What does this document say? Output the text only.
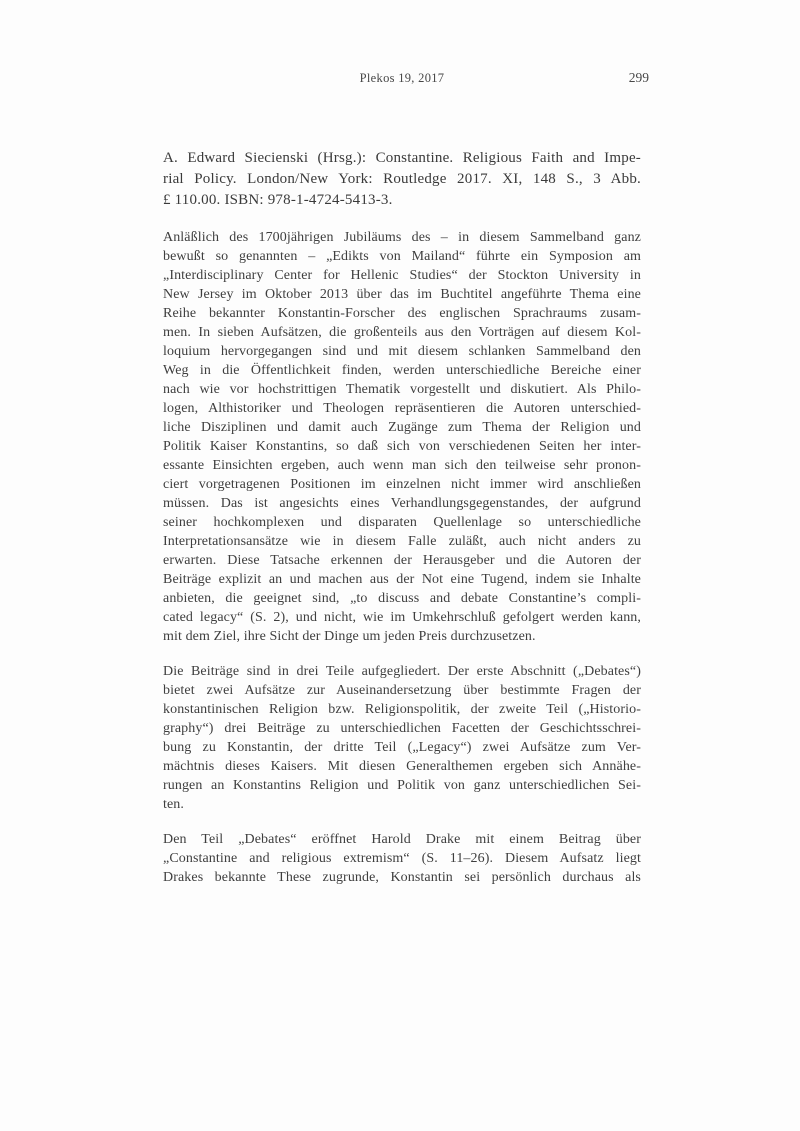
Plekos 19, 2017	299
A. Edward Siecienski (Hrsg.): Constantine. Religious Faith and Impe-
rial Policy. London/New York: Routledge 2017. XI, 148 S., 3 Abb.
£ 110.00. ISBN: 978-1-4724-5413-3.
Anläßlich des 1700jährigen Jubiläums des – in diesem Sammelband ganz
bewußt so genannten – „Edikts von Mailand“ führte ein Symposion am
„Interdisciplinary Center for Hellenic Studies“ der Stockton University in
New Jersey im Oktober 2013 über das im Buchtitel angeführte Thema eine
Reihe bekannter Konstantin-Forscher des englischen Sprachraums zusam-
men. In sieben Aufsätzen, die großenteils aus den Vorträgen auf diesem Kol-
loquium hervorgegangen sind und mit diesem schlanken Sammelband den
Weg in die Öffentlichkeit finden, werden unterschiedliche Bereiche einer
nach wie vor hochstrittigen Thematik vorgestellt und diskutiert. Als Philo-
logen, Althistoriker und Theologen repräsentieren die Autoren unterschied-
liche Disziplinen und damit auch Zugänge zum Thema der Religion und
Politik Kaiser Konstantins, so daß sich von verschiedenen Seiten her inter-
essante Einsichten ergeben, auch wenn man sich den teilweise sehr pronon-
ciert vorgetragenen Positionen im einzelnen nicht immer wird anschließen
müssen. Das ist angesichts eines Verhandlungsgegenstandes, der aufgrund
seiner hochkomplexen und disparaten Quellenlage so unterschiedliche
Interpretationsansätze wie in diesem Falle zuläßt, auch nicht anders zu
erwarten. Diese Tatsache erkennen der Herausgeber und die Autoren der
Beiträge explizit an und machen aus der Not eine Tugend, indem sie Inhalte
anbieten, die geeignet sind, „to discuss and debate Constantine’s compli-
cated legacy“ (S. 2), und nicht, wie im Umkehrschluß gefolgert werden kann,
mit dem Ziel, ihre Sicht der Dinge um jeden Preis durchzusetzen.
Die Beiträge sind in drei Teile aufgegliedert. Der erste Abschnitt („Debates“)
bietet zwei Aufsätze zur Auseinandersetzung über bestimmte Fragen der
konstantinischen Religion bzw. Religionspolitik, der zweite Teil („Historio-
graphy“) drei Beiträge zu unterschiedlichen Facetten der Geschichtsschrei-
bung zu Konstantin, der dritte Teil („Legacy“) zwei Aufsätze zum Ver-
mächtnis dieses Kaisers. Mit diesen Generalthemen ergeben sich Annähe-
rungen an Konstantins Religion und Politik von ganz unterschiedlichen Sei-
ten.
Den Teil „Debates“ eröffnet Harold Drake mit einem Beitrag über
„Constantine and religious extremism“ (S. 11–26). Diesem Aufsatz liegt
Drakes bekannte These zugrunde, Konstantin sei persönlich durchaus als
